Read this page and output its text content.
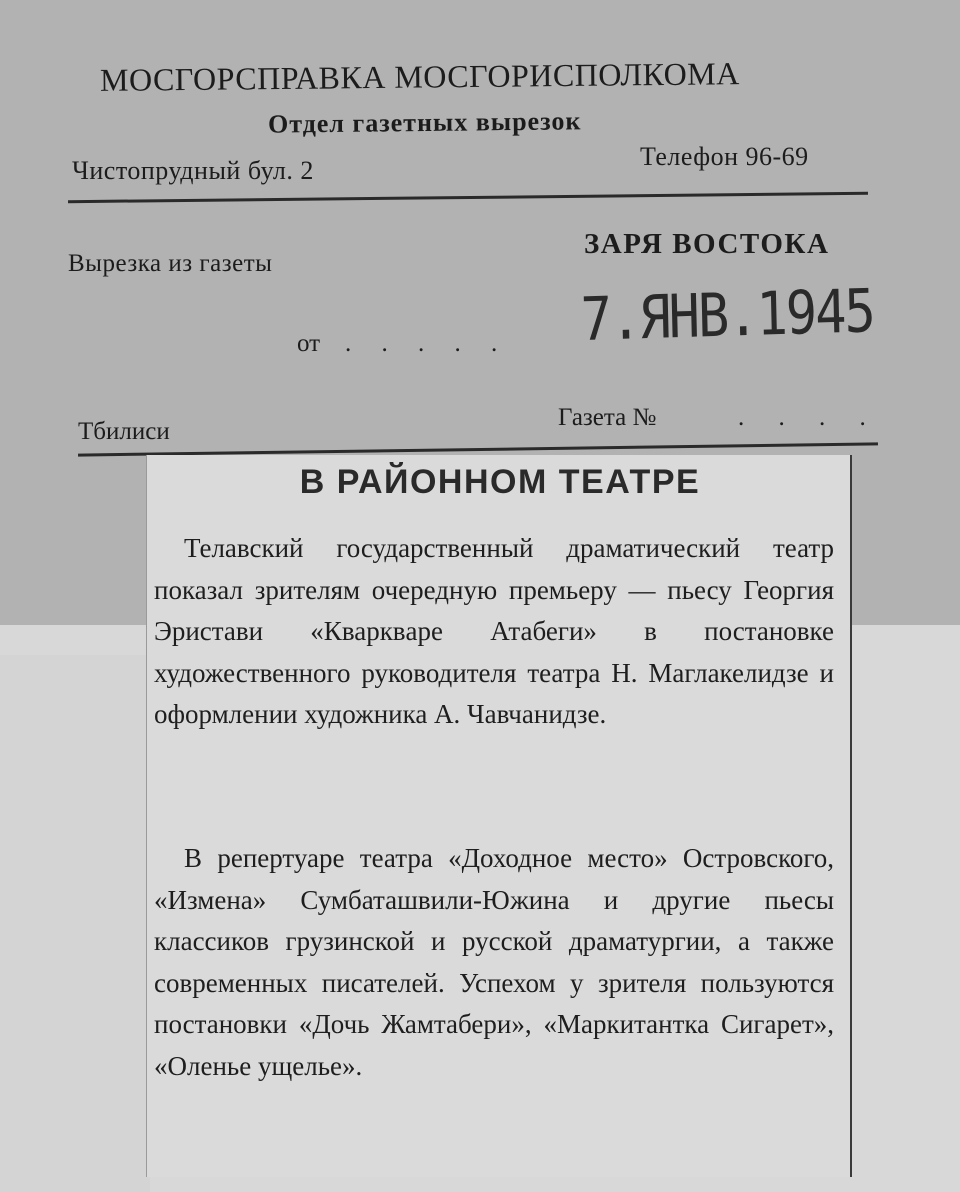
МОСГОРСПРАВКА МОСГОРИСПОЛКОМА
Отдел газетных вырезок
Чистопрудный бул. 2	Телефон 96-69
Вырезка из газеты
ЗАРЯ ВОСТОКА
от . . . . . 7.ЯНВ.1945
Тбилиси
Газета №	. . . .
В РАЙОННОМ ТЕАТРЕ
Телавский государственный драматический театр показал зрителям очередную премьеру — пьесу Георгия Эристави «Кварквaре Атабеги» в постановке художественного руководителя театра Н. Маглакелидзе и оформлении художника А. Чавчанидзе.
В репертуаре театра «Доходное место» Островского, «Измена» Сумбаташвили-Южина и другие пьесы классиков грузинской и русской драматургии, а также современных писателей. Успехом у зрителя пользуются постановки «Дочь Жамтабери», «Маркитантка Сигарет», «Оленье ущелье».
